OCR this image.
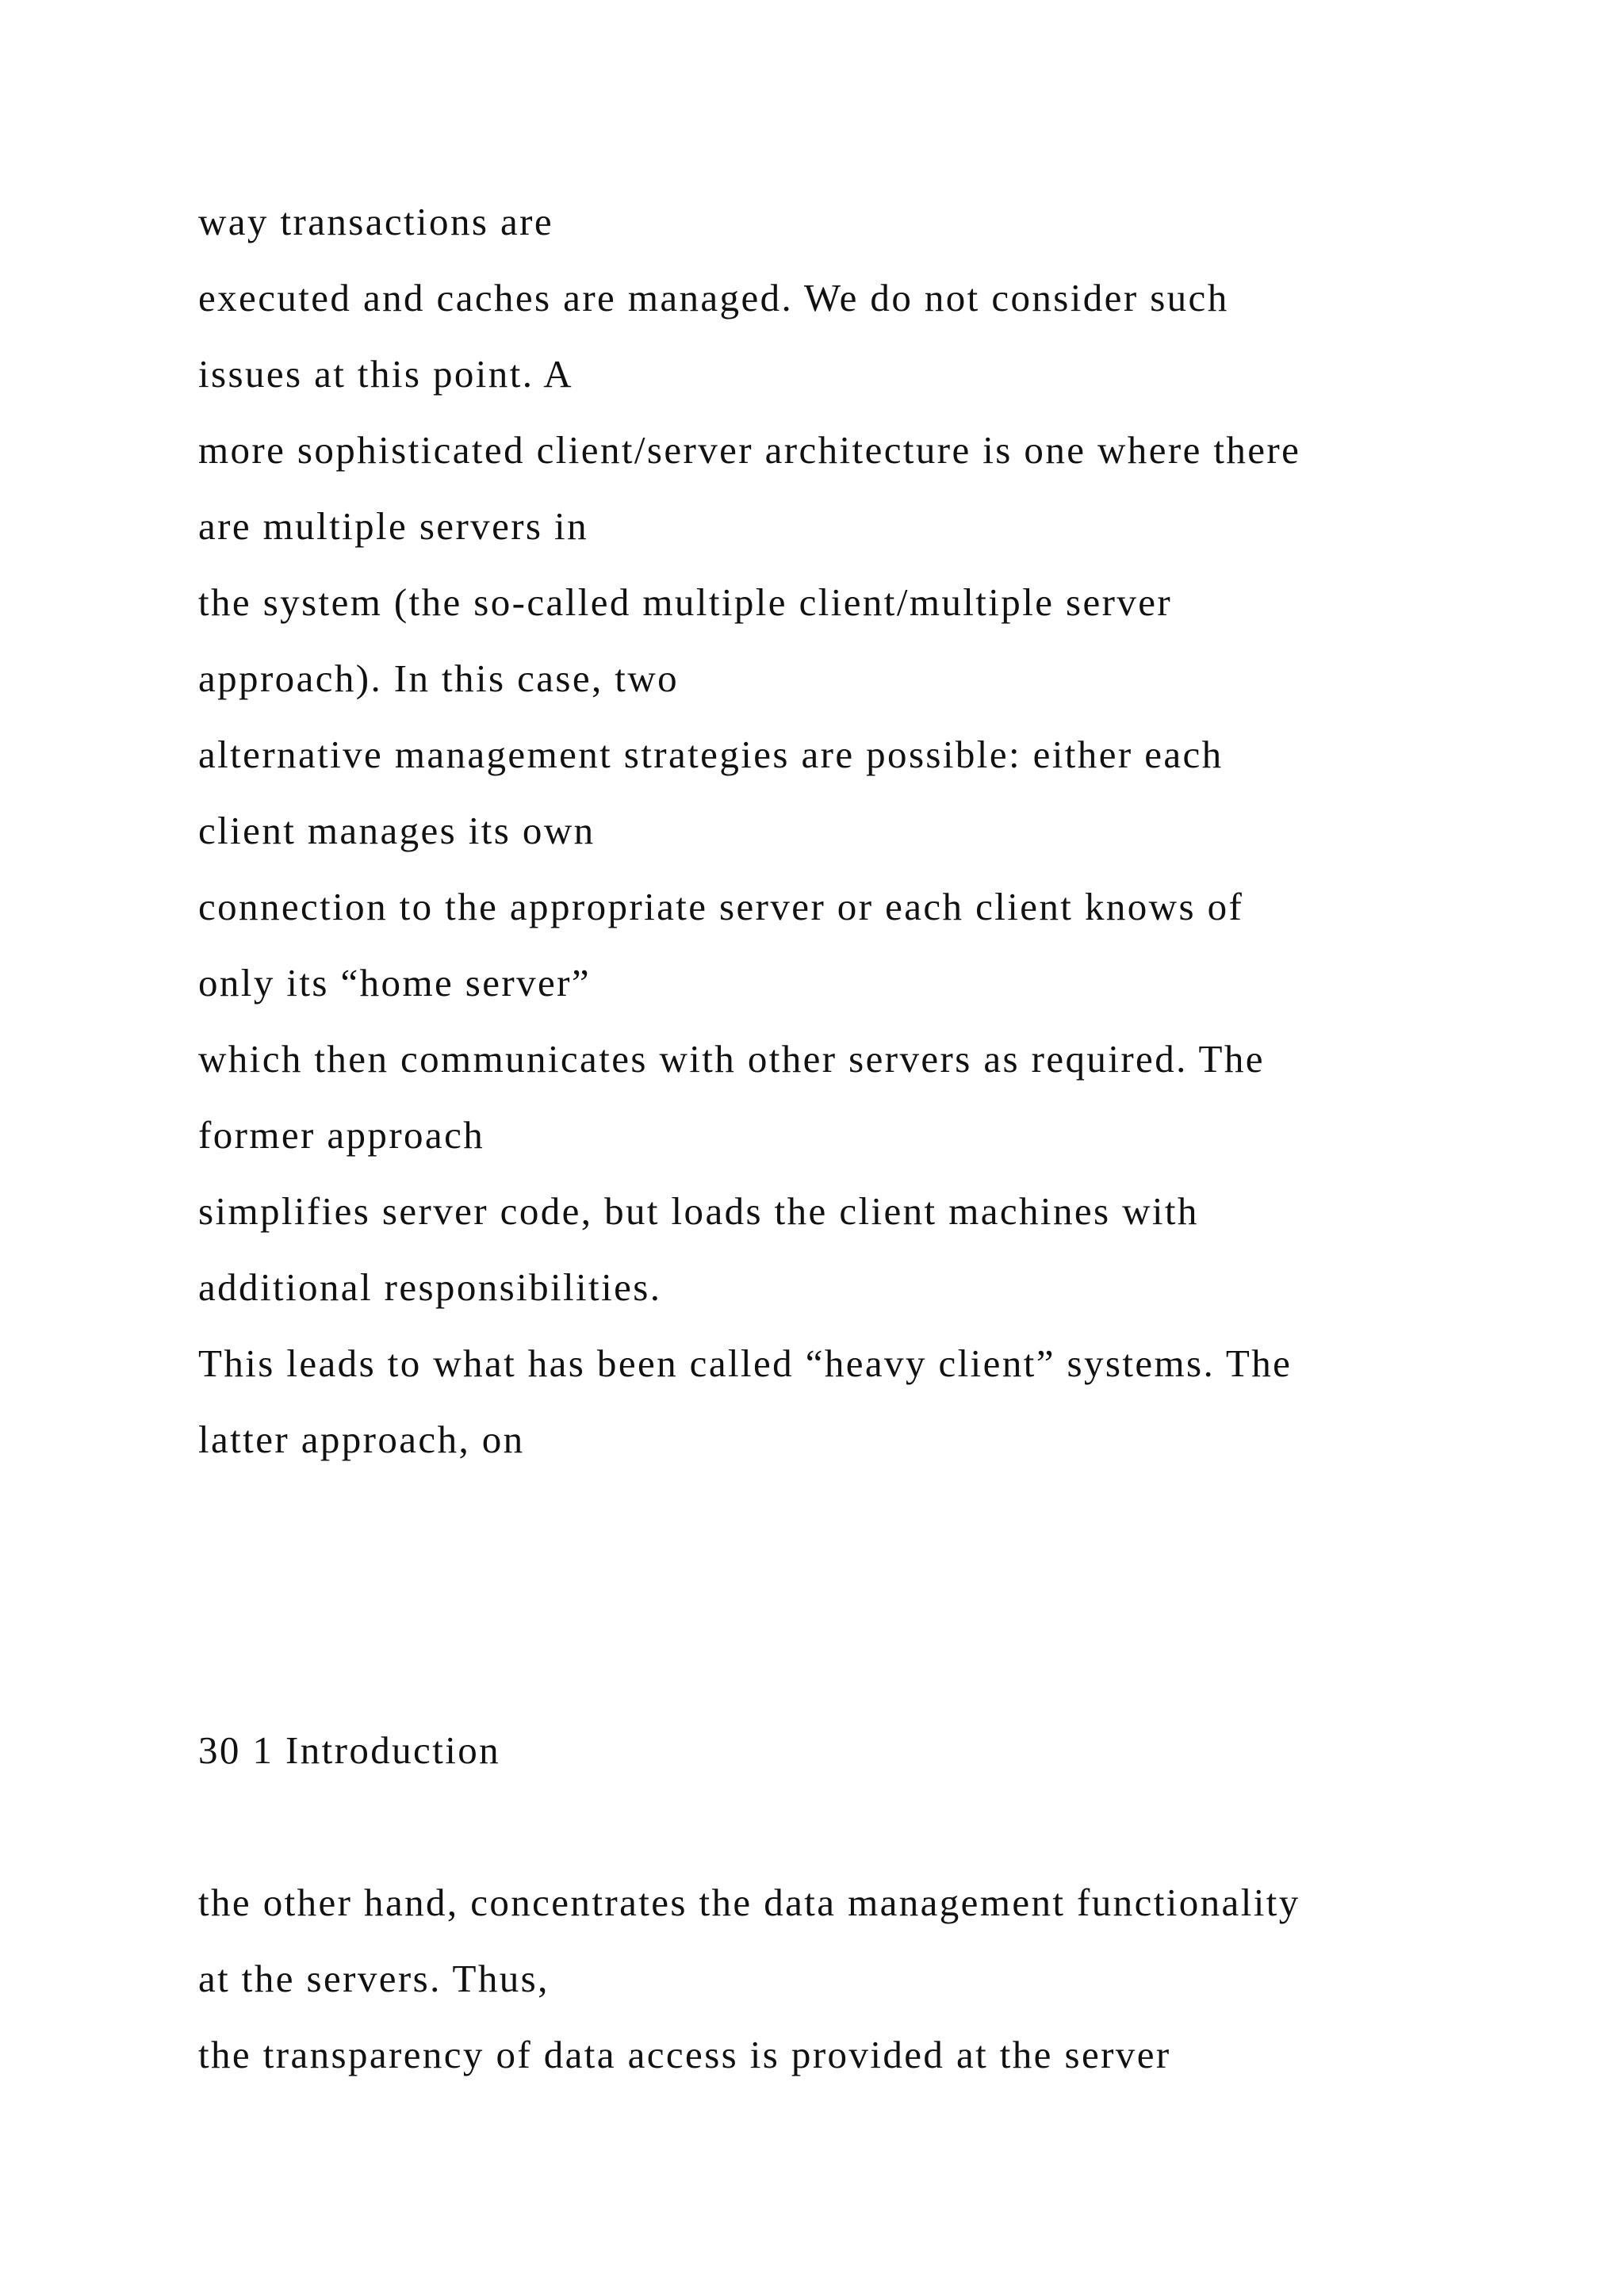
way transactions are
executed and caches are managed. We do not consider such
issues at this point. A
more sophisticated client/server architecture is one where there
are multiple servers in
the system (the so-called multiple client/multiple server
approach). In this case, two
alternative management strategies are possible: either each
client manages its own
connection to the appropriate server or each client knows of
only its “home server”
which then communicates with other servers as required. The
former approach
simplifies server code, but loads the client machines with
additional responsibilities.
This leads to what has been called “heavy client” systems. The
latter approach, on
30 1 Introduction
the other hand, concentrates the data management functionality
at the servers. Thus,
the transparency of data access is provided at the server
